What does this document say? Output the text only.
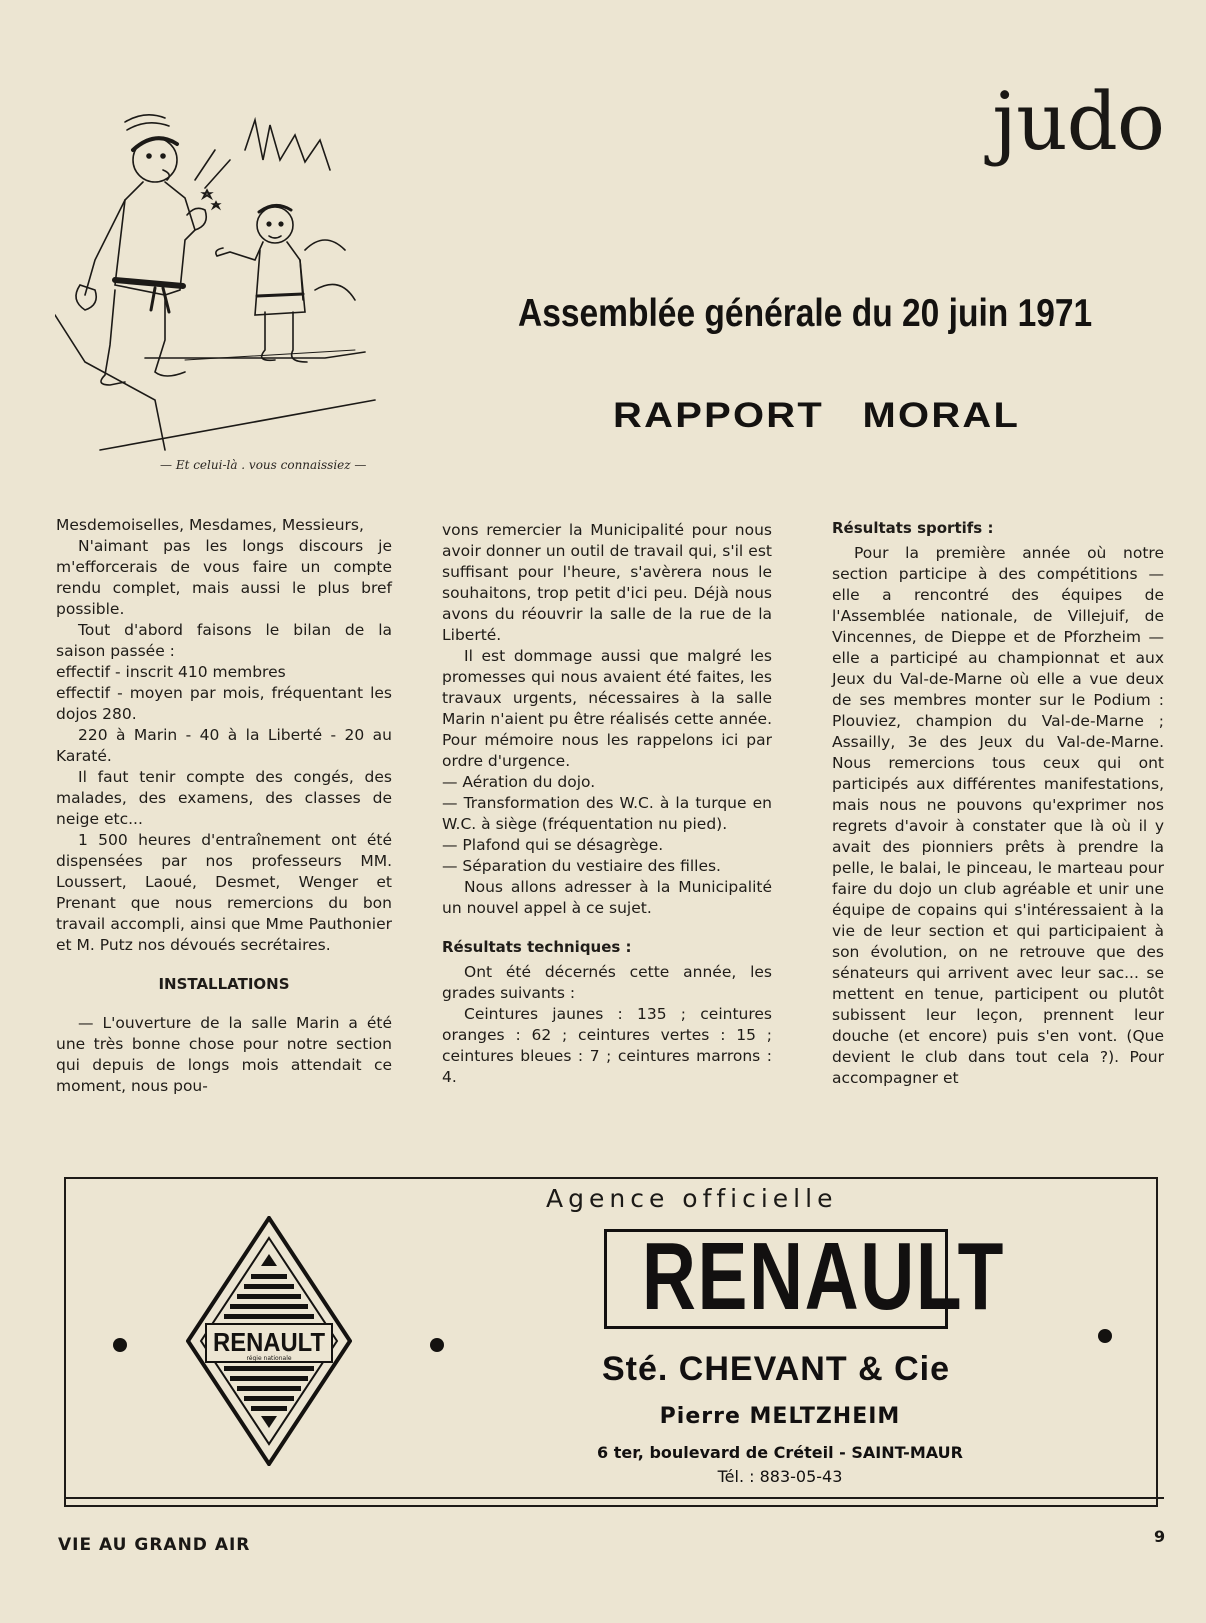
judo
— Et celui-là . vous connaissiez —
Assemblée générale du 20 juin 1971
RAPPORT MORAL

Mesdemoiselles, Mesdames, Messieurs,

N'aimant pas les longs discours je m'efforcerais de vous faire un compte rendu complet, mais aussi le plus bref possible.

Tout d'abord faisons le bilan de la saison passée :

effectif - inscrit 410 membres

effectif - moyen par mois, fréquentant les dojos 280.

220 à Marin - 40 à la Liberté - 20 au Karaté.

Il faut tenir compte des congés, des malades, des examens, des classes de neige etc...

1 500 heures d'entraînement ont été dispensées par nos professeurs MM. Loussert, Laoué, Desmet, Wenger et Prenant que nous remercions du bon travail accompli, ainsi que Mme Pauthonier et M. Putz nos dévoués secrétaires.

INSTALLATIONS

— L'ouverture de la salle Marin a été une très bonne chose pour notre section qui depuis de longs mois attendait ce moment, nous pou-

vons remercier la Municipalité pour nous avoir donner un outil de travail qui, s'il est suffisant pour l'heure, s'avèrera nous le souhaitons, trop petit d'ici peu. Déjà nous avons du réouvrir la salle de la rue de la Liberté.

Il est dommage aussi que malgré les promesses qui nous avaient été faites, les travaux urgents, nécessaires à la salle Marin n'aient pu être réalisés cette année. Pour mémoire nous les rappelons ici par ordre d'urgence.

— Aération du dojo.

— Transformation des W.C. à la turque en W.C. à siège (fréquentation nu pied).

— Plafond qui se désagrège.

— Séparation du vestiaire des filles.

Nous allons adresser à la Municipalité un nouvel appel à ce sujet.

Résultats techniques :

Ont été décernés cette année, les grades suivants :

Ceintures jaunes : 135 ; ceintures oranges : 62 ; ceintures vertes : 15 ; ceintures bleues : 7 ; ceintures marrons : 4.

Résultats sportifs :

Pour la première année où notre section participe à des compétitions — elle a rencontré des équipes de l'Assemblée nationale, de Villejuif, de Vincennes, de Dieppe et de Pforzheim — elle a participé au championnat et aux Jeux du Val-de-Marne où elle a vue deux de ses membres monter sur le Podium : Plouviez, champion du Val-de-Marne ; Assailly, 3e des Jeux du Val-de-Marne. Nous remercions tous ceux qui ont participés aux différentes manifestations, mais nous ne pouvons qu'exprimer nos regrets d'avoir à constater que là où il y avait des pionniers prêts à prendre la pelle, le balai, le pinceau, le marteau pour faire du dojo un club agréable et unir une équipe de copains qui s'intéressaient à la vie de leur section et qui participaient à son évolution, on ne retrouve que des sénateurs qui arrivent avec leur sac... se mettent en tenue, participent ou plutôt subissent leur leçon, prennent leur douche (et encore) puis s'en vont. (Que devient le club dans tout cela ?). Pour accompagner et

Agence officielle
RENAULT
Sté. CHEVANT & Cie
Pierre MELTZHEIM
6 ter, boulevard de Créteil - SAINT-MAUR
Tél. : 883-05-43
RENAULT
régie nationale
VIE AU GRAND AIR	9
